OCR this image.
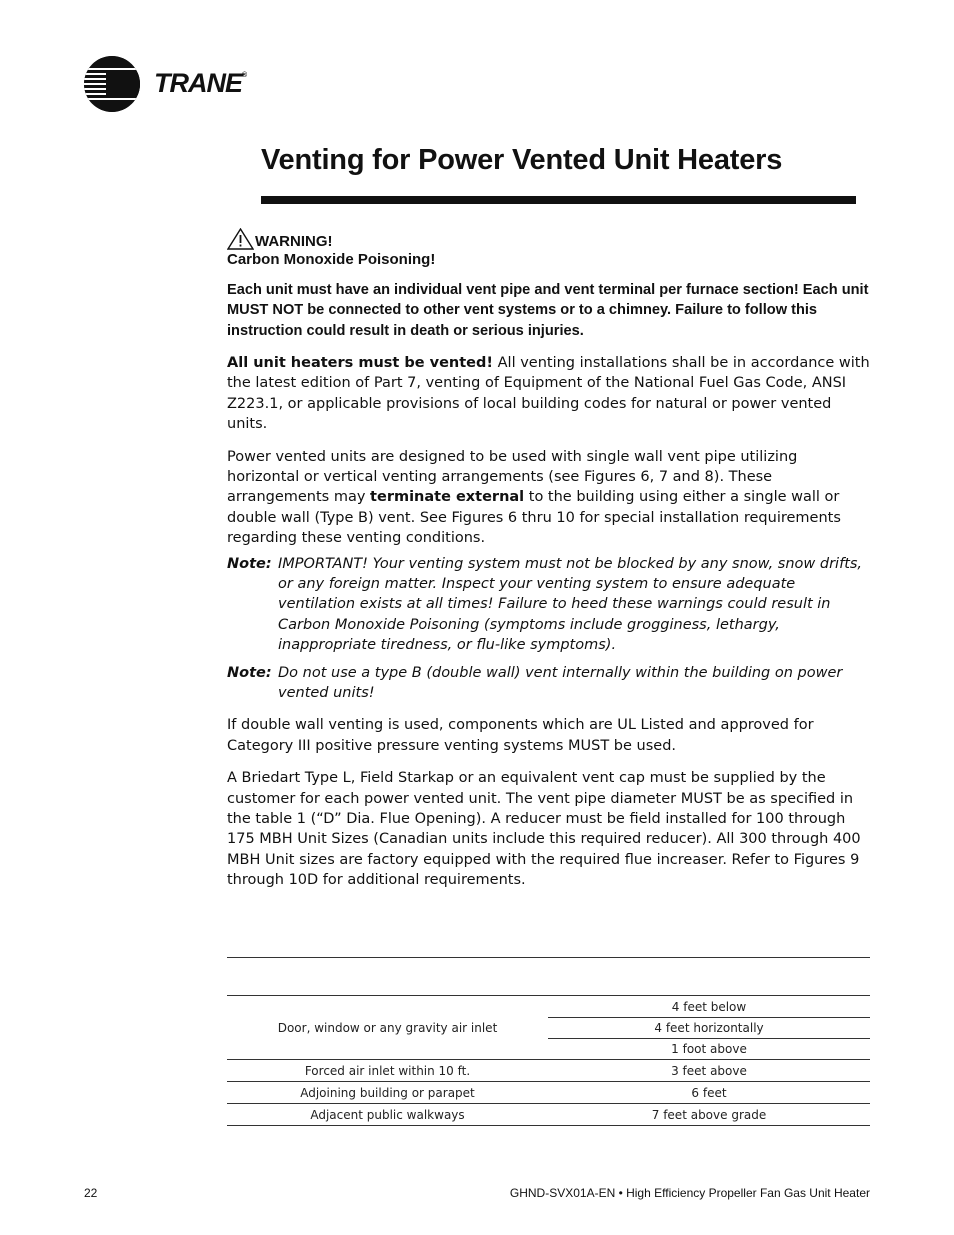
TRANE®
Venting for Power Vented Unit Heaters
WARNING!
Carbon Monoxide Poisoning!

Each unit must have an individual vent pipe and vent terminal per furnace section! Each unit MUST NOT be connected to other vent systems or to a chimney. Failure to follow this instruction could result in death or serious injuries.

All unit heaters must be vented! All venting installations shall be in accordance with the latest edition of Part 7, venting of Equipment of the National Fuel Gas Code, ANSI Z223.1, or applicable provisions of local building codes for natural or power vented units.

Power vented units are designed to be used with single wall vent pipe utilizing horizontal or vertical venting arrangements (see Figures 6, 7 and 8). These arrangements may terminate external to the building using either a single wall or double wall (Type B) vent. See Figures 6 thru 10 for special installation requirements regarding these venting conditions.

Note: IMPORTANT! Your venting system must not be blocked by any snow, snow drifts, or any foreign matter. Inspect your venting system to ensure adequate ventilation exists at all times! Failure to heed these warnings could result in Carbon Monoxide Poisoning (symptoms include grogginess, lethargy, inappropriate tiredness, or flu-like symptoms).
Note: Do not use a type B (double wall) vent internally within the building on power vented units!

If double wall venting is used, components which are UL Listed and approved for Category III positive pressure venting systems MUST be used.

A Briedart Type L, Field Starkap or an equivalent vent cap must be supplied by the customer for each power vented unit. The vent pipe diameter MUST be as specified in the table 1 (“D” Dia. Flue Opening). A reducer must be field installed for 100 through 175 MBH Unit Sizes (Canadian units include this required reducer). All 300 through 400 MBH Unit sizes are factory equipped with the required flue increaser. Refer to Figures 9 through 10D for additional requirements.

Door, window or any gravity air inlet	4 feet below
	4 feet horizontally
	1 foot above
Forced air inlet within 10 ft.	3 feet above
Adjoining building or parapet	6 feet
Adjacent public walkways	7 feet above grade
22	GHND-SVX01A-EN • High Efficiency Propeller Fan Gas Unit Heater
